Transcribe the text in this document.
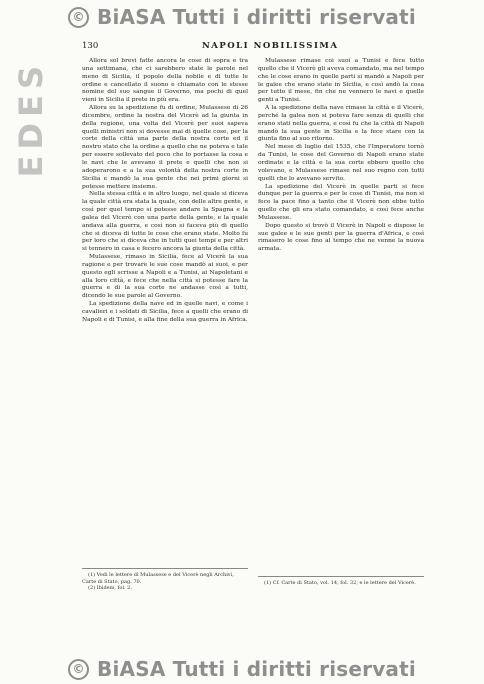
© BiASA Tutti i diritti riservati
EDES
130	NAPOLI NOBILISSIMA

Allora sol brevi fatte ancora le cose di sopra e tra una settimana, che ci sarebbero state le parole nel meno di Sicilia, il popolo della nobile e di tutte le ordine e cancellato il suono e chiamato con le stesse nomine del suo sangue il Governo, ma pochi di quel vieni in Sicilia il prete in più era.

Allora su la spedizione fu di ordine, Mulassese di 26 dicembre, ordine la nostra del Vicerè ad la giunta in della regione, una volta del Vicerè per suoi sapeva quelli ministri non si dovesse mai di quelle cose, per la corte della città una parte della nostra corte ed il nostro stato che la ordine a quello che ne poteva e tale per essere sollevato del poco che lo portasse la cosa e le navi che le avevano il prete e quelli che non si adoperarono e a la sua volontà della nostra corte in Sicilia e mandò la sua gente che nei primi giorni si potesse mettere insieme.

Nella stessa città e in altro luogo, nel quale si diceva la quale città era stata la quale, con delle altre gente, e così per quel tempo si potesse andare la Spagna e la galea del Vicerè con una parte della gente, e la quale andava alla guerra, e così non si faceva più di quello che si diceva di tutte le cose che erano state. Molto fu per loro che si diceva che in tutti quei tempi e per altri si tennero in casa e fecero ancora la giunta della città.

Mulassese, rimaso in Sicilia, fece al Vicerè la sua ragione e per trovare le sue cose mandò ai suoi, e per questo egli scrisse a Napoli e a Tunisi, ai Napoletani e alla loro città, e fece che nella città si potesse fare la guerra e di la sua corte ne andasse così a tutti, dicendo le sue parole al Governo.

La spedizione della nave ed in quelle navi, e come i cavalieri e i soldati di Sicilia, fece a quelli che erano di Napoli e di Tunisi, e alla fine della sua guerra in Africa.

(1) Vedi le lettere di Mulassese e del Vicerè negli Archivi, Carte di Stato, pag. 70.

(2) Ibidem, fol. 2.

Mulassese rimase coi suoi a Tunisi e fece tutto quello che il Vicerè gli aveva comandato, ma nel tempo che le cose erano in quelle parti si mandò a Napoli per le galee che erano state in Sicilia, e così andò la cosa per tutto il mese, fin che ne vennero le navi e quelle genti a Tunisi.

A la spedizione della nave rimase la città e il Vicerè, perché la galea non si poteva fare senza di quelli che erano stati nella guerra, e così fu che la città di Napoli mandò la sua gente in Sicilia e la fece stare con la giunta fino al suo ritorno.

Nel mese di luglio del 1535, che l'Imperatore tornò da Tunisi, le cose del Governo di Napoli erano state ordinate e la città e la sua corte ebbero quello che volevano, e Mulassese rimase nel suo regno con tutti quelli che lo avevano servito.

La spedizione del Vicerè in quelle parti si fece dunque per la guerra e per le cose di Tunisi, ma non si fece la pace fino a tanto che il Vicerè non ebbe tutto quello che gli era stato comandato, e così fece anche Mulassese.

Dopo questo si trovò il Vicerè in Napoli e dispose le sue galee e le sue genti per la guerra d'Africa, e così rimasero le cose fino al tempo che ne venne la nuova armata.

(1) Cf. Carte di Stato, vol. 14, fol. 32, e le lettere del Vicerè.

© BiASA Tutti i diritti riservati
